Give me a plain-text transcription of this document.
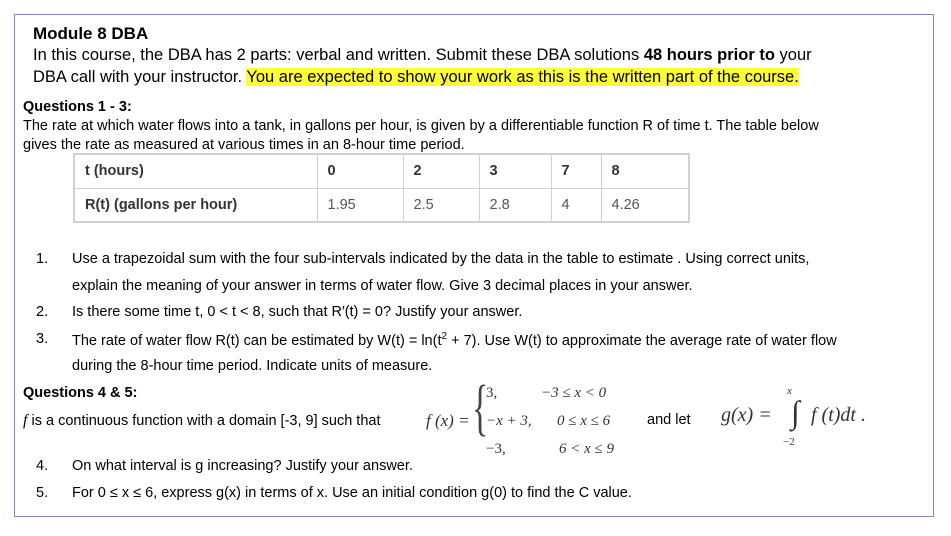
Module 8 DBA
In this course, the DBA has 2 parts: verbal and written. Submit these DBA solutions 48 hours prior to your
DBA call with your instructor. You are expected to show your work as this is the written part of the course.
Questions 1 - 3:
The rate at which water flows into a tank, in gallons per hour, is given by a differentiable function R of time t. The table below
gives the rate as measured at various times in an 8-hour time period.
t (hours)	0	2	3	7	8
R(t) (gallons per hour)	1.95	2.5	2.8	4	4.26
1. Use a trapezoidal sum with the four sub-intervals indicated by the data in the table to estimate . Using correct units,
explain the meaning of your answer in terms of water flow. Give 3 decimal places in your answer.
2. Is there some time t, 0 < t < 8, such that R′(t) = 0? Justify your answer.
3. The rate of water flow R(t) can be estimated by $W(t) = \ln(t^2 + 7)$. Use W(t) to approximate the average rate of water flow
during the 8-hour time period. Indicate units of measure.
Questions 4 & 5:
f is a continuous function with a domain [-3, 9] such that	f (x) = {
3,	−3 ≤ x < 0
−x + 3, 0 ≤ x ≤ 6
−3,	6 < x ≤ 9
and let g(x) =
x
∫
−2
f (t)dt .
4. On what interval is g increasing? Justify your answer.
5. For 0 ≤ x ≤ 6, express g(x) in terms of x. Use an initial condition g(0) to find the C value.
